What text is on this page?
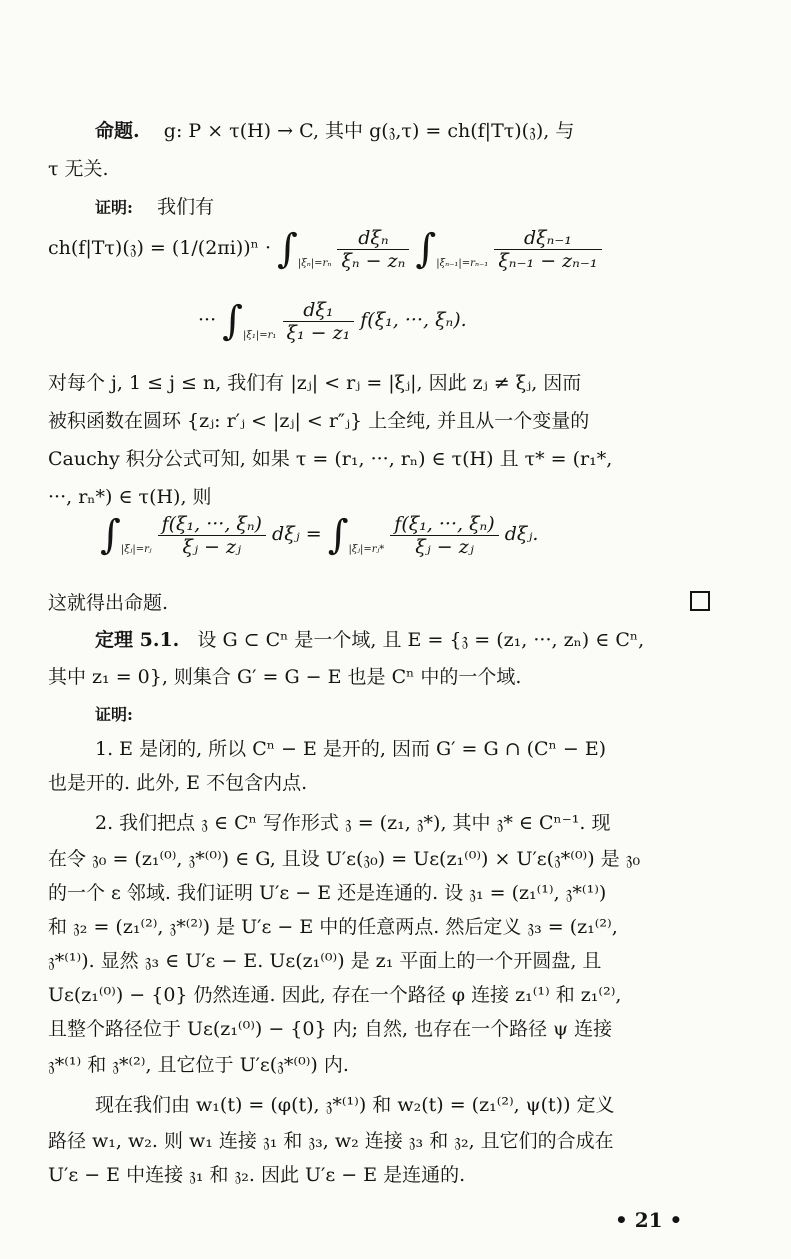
命题. g: P × τ(H) → C, 其中 g(𝔷,τ) = ch(f|Tτ)(𝔷), 与
τ 无关.
证明: 我们有
ch(f|Tτ)(𝔷) = $(1/(2\pi i))^n \cdot \int_{|\xi_n|=r_n} \frac{\text{dξₙ}}{\text{ξₙ − zₙ}} \int_{|\xi_{n-1}|=r_{n-1}} \frac{\text{dξₙ₋₁}}{\text{ξₙ₋₁ − zₙ₋₁}}$
··· $\int_{|\xi_1|=r_1} \frac{\text{dξ₁}}{\text{ξ₁ − z₁}} f(\xi_1$, ···, ξₙ).
对每个 j, 1 ≤ j ≤ n, 我们有 |zⱼ| < rⱼ = |ξⱼ|, 因此 zⱼ ≠ ξⱼ, 因而
被积函数在圆环 {zⱼ: r′ⱼ < |zⱼ| < r″ⱼ} 上全纯, 并且从一个变量的
Cauchy 积分公式可知, 如果 τ = (r₁, ···, rₙ) ∈ τ(H) 且 τ* = (r₁*,
···, rₙ*) ∈ τ(H), 则
$\int_{|\xi ⱼ|=rⱼ} \frac{\text{f(ξ₁, ···, ξₙ)}}{\text{ξⱼ − zⱼ}}$ dξⱼ = $\int_{|\xi ⱼ|=rⱼ*} \frac{\text{f(ξ₁, ···, ξₙ)}}{\text{ξⱼ − zⱼ}}$ dξⱼ.
这就得出命题.
定理 5.1. 设 G ⊂ Cⁿ 是一个域, 且 E = {𝔷 = (z₁, ···, zₙ) ∈ Cⁿ,
其中 z₁ = 0}, 则集合 G′ = G − E 也是 Cⁿ 中的一个域.
证明:
1. E 是闭的, 所以 Cⁿ − E 是开的, 因而 G′ = G ∩ (Cⁿ − E)
也是开的. 此外, E 不包含内点.
2. 我们把点 𝔷 ∈ Cⁿ 写作形式 𝔷 = (z₁, 𝔷*), 其中 𝔷* ∈ Cⁿ⁻¹. 现
在令 𝔷₀ = (z₁⁽⁰⁾, 𝔷*⁽⁰⁾) ∈ G, 且设 U′ε(𝔷₀) = Uε(z₁⁽⁰⁾) × U′ε(𝔷*⁽⁰⁾) 是 𝔷₀
的一个 ε 邻域. 我们证明 U′ε − E 还是连通的. 设 𝔷₁ = (z₁⁽¹⁾, 𝔷*⁽¹⁾)
和 𝔷₂ = (z₁⁽²⁾, 𝔷*⁽²⁾) 是 U′ε − E 中的任意两点. 然后定义 𝔷₃ = (z₁⁽²⁾,
𝔷*⁽¹⁾). 显然 𝔷₃ ∈ U′ε − E. Uε(z₁⁽⁰⁾) 是 z₁ 平面上的一个开圆盘, 且
Uε(z₁⁽⁰⁾) − {0} 仍然连通. 因此, 存在一个路径 φ 连接 z₁⁽¹⁾ 和 z₁⁽²⁾,
且整个路径位于 Uε(z₁⁽⁰⁾) − {0} 内; 自然, 也存在一个路径 ψ 连接
𝔷*⁽¹⁾ 和 𝔷*⁽²⁾, 且它位于 U′ε(𝔷*⁽⁰⁾) 内.
现在我们由 w₁(t) = (φ(t), 𝔷*⁽¹⁾) 和 w₂(t) = (z₁⁽²⁾, ψ(t)) 定义
路径 w₁, w₂. 则 w₁ 连接 𝔷₁ 和 𝔷₃, w₂ 连接 𝔷₃ 和 𝔷₂, 且它们的合成在
U′ε − E 中连接 𝔷₁ 和 𝔷₂. 因此 U′ε − E 是连通的.
• 21 •
